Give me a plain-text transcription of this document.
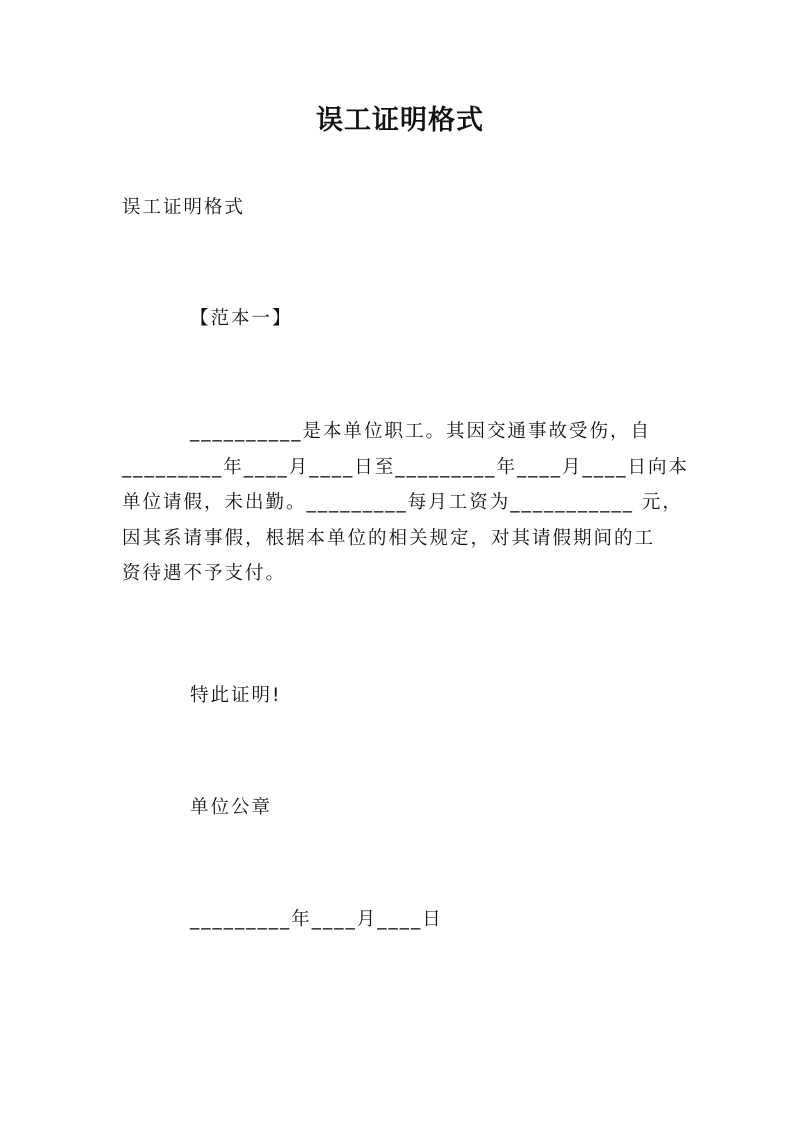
误工证明格式

误工证明格式

【范本一】

__________是本单位职工。其因交通事故受伤，自
_________年____月____日至_________年____月____日向本
单位请假，未出勤。_________每月工资为___________ 元，
因其系请事假，根据本单位的相关规定，对其请假期间的工
资待遇不予支付。

特此证明!

单位公章

_________年____月____日
